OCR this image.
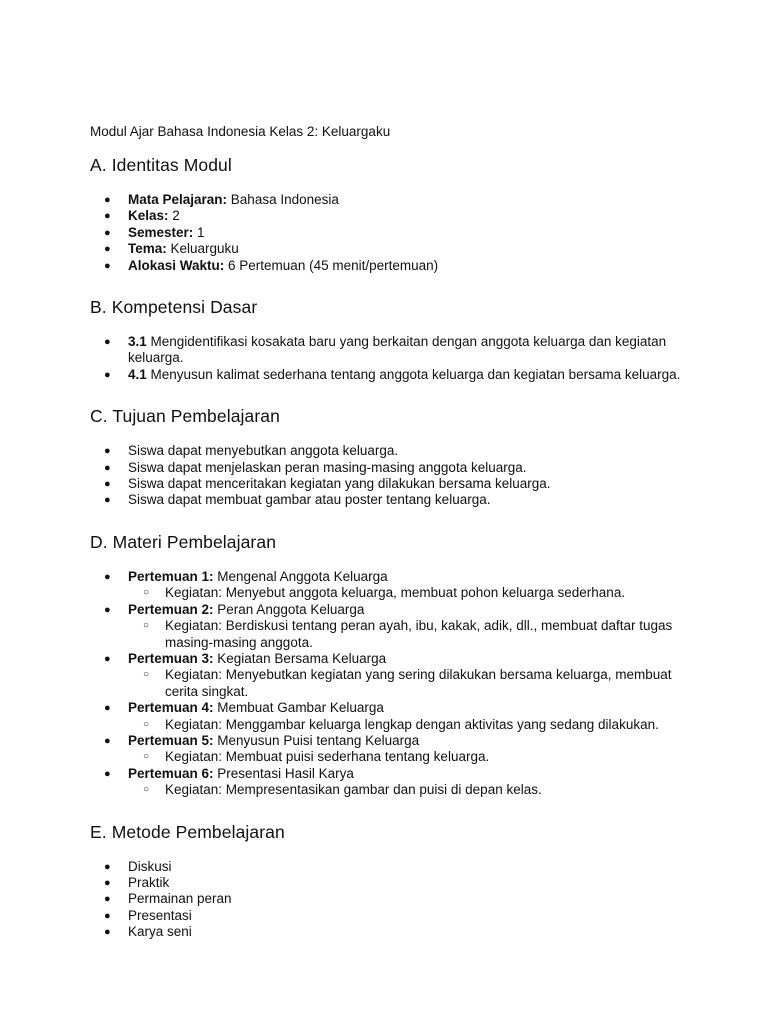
Modul Ajar Bahasa Indonesia Kelas 2: Keluargaku

A. Identitas Modul
● Mata Pelajaran: Bahasa Indonesia
● Kelas: 2
● Semester: 1
● Tema: Keluarguku
● Alokasi Waktu: 6 Pertemuan (45 menit/pertemuan)
B. Kompetensi Dasar
● 3.1 Mengidentifikasi kosakata baru yang berkaitan dengan anggota keluarga dan kegiatan keluarga.
● 4.1 Menyusun kalimat sederhana tentang anggota keluarga dan kegiatan bersama keluarga.
C. Tujuan Pembelajaran
● Siswa dapat menyebutkan anggota keluarga.
● Siswa dapat menjelaskan peran masing-masing anggota keluarga.
● Siswa dapat menceritakan kegiatan yang dilakukan bersama keluarga.
● Siswa dapat membuat gambar atau poster tentang keluarga.
D. Materi Pembelajaran
● Pertemuan 1: Mengenal Anggota Keluarga
○ Kegiatan: Menyebut anggota keluarga, membuat pohon keluarga sederhana.
● Pertemuan 2: Peran Anggota Keluarga
○ Kegiatan: Berdiskusi tentang peran ayah, ibu, kakak, adik, dll., membuat daftar tugas masing-masing anggota.
● Pertemuan 3: Kegiatan Bersama Keluarga
○ Kegiatan: Menyebutkan kegiatan yang sering dilakukan bersama keluarga, membuat cerita singkat.
● Pertemuan 4: Membuat Gambar Keluarga
○ Kegiatan: Menggambar keluarga lengkap dengan aktivitas yang sedang dilakukan.
● Pertemuan 5: Menyusun Puisi tentang Keluarga
○ Kegiatan: Membuat puisi sederhana tentang keluarga.
● Pertemuan 6: Presentasi Hasil Karya
○ Kegiatan: Mempresentasikan gambar dan puisi di depan kelas.
E. Metode Pembelajaran
● Diskusi
● Praktik
● Permainan peran
● Presentasi
● Karya seni
